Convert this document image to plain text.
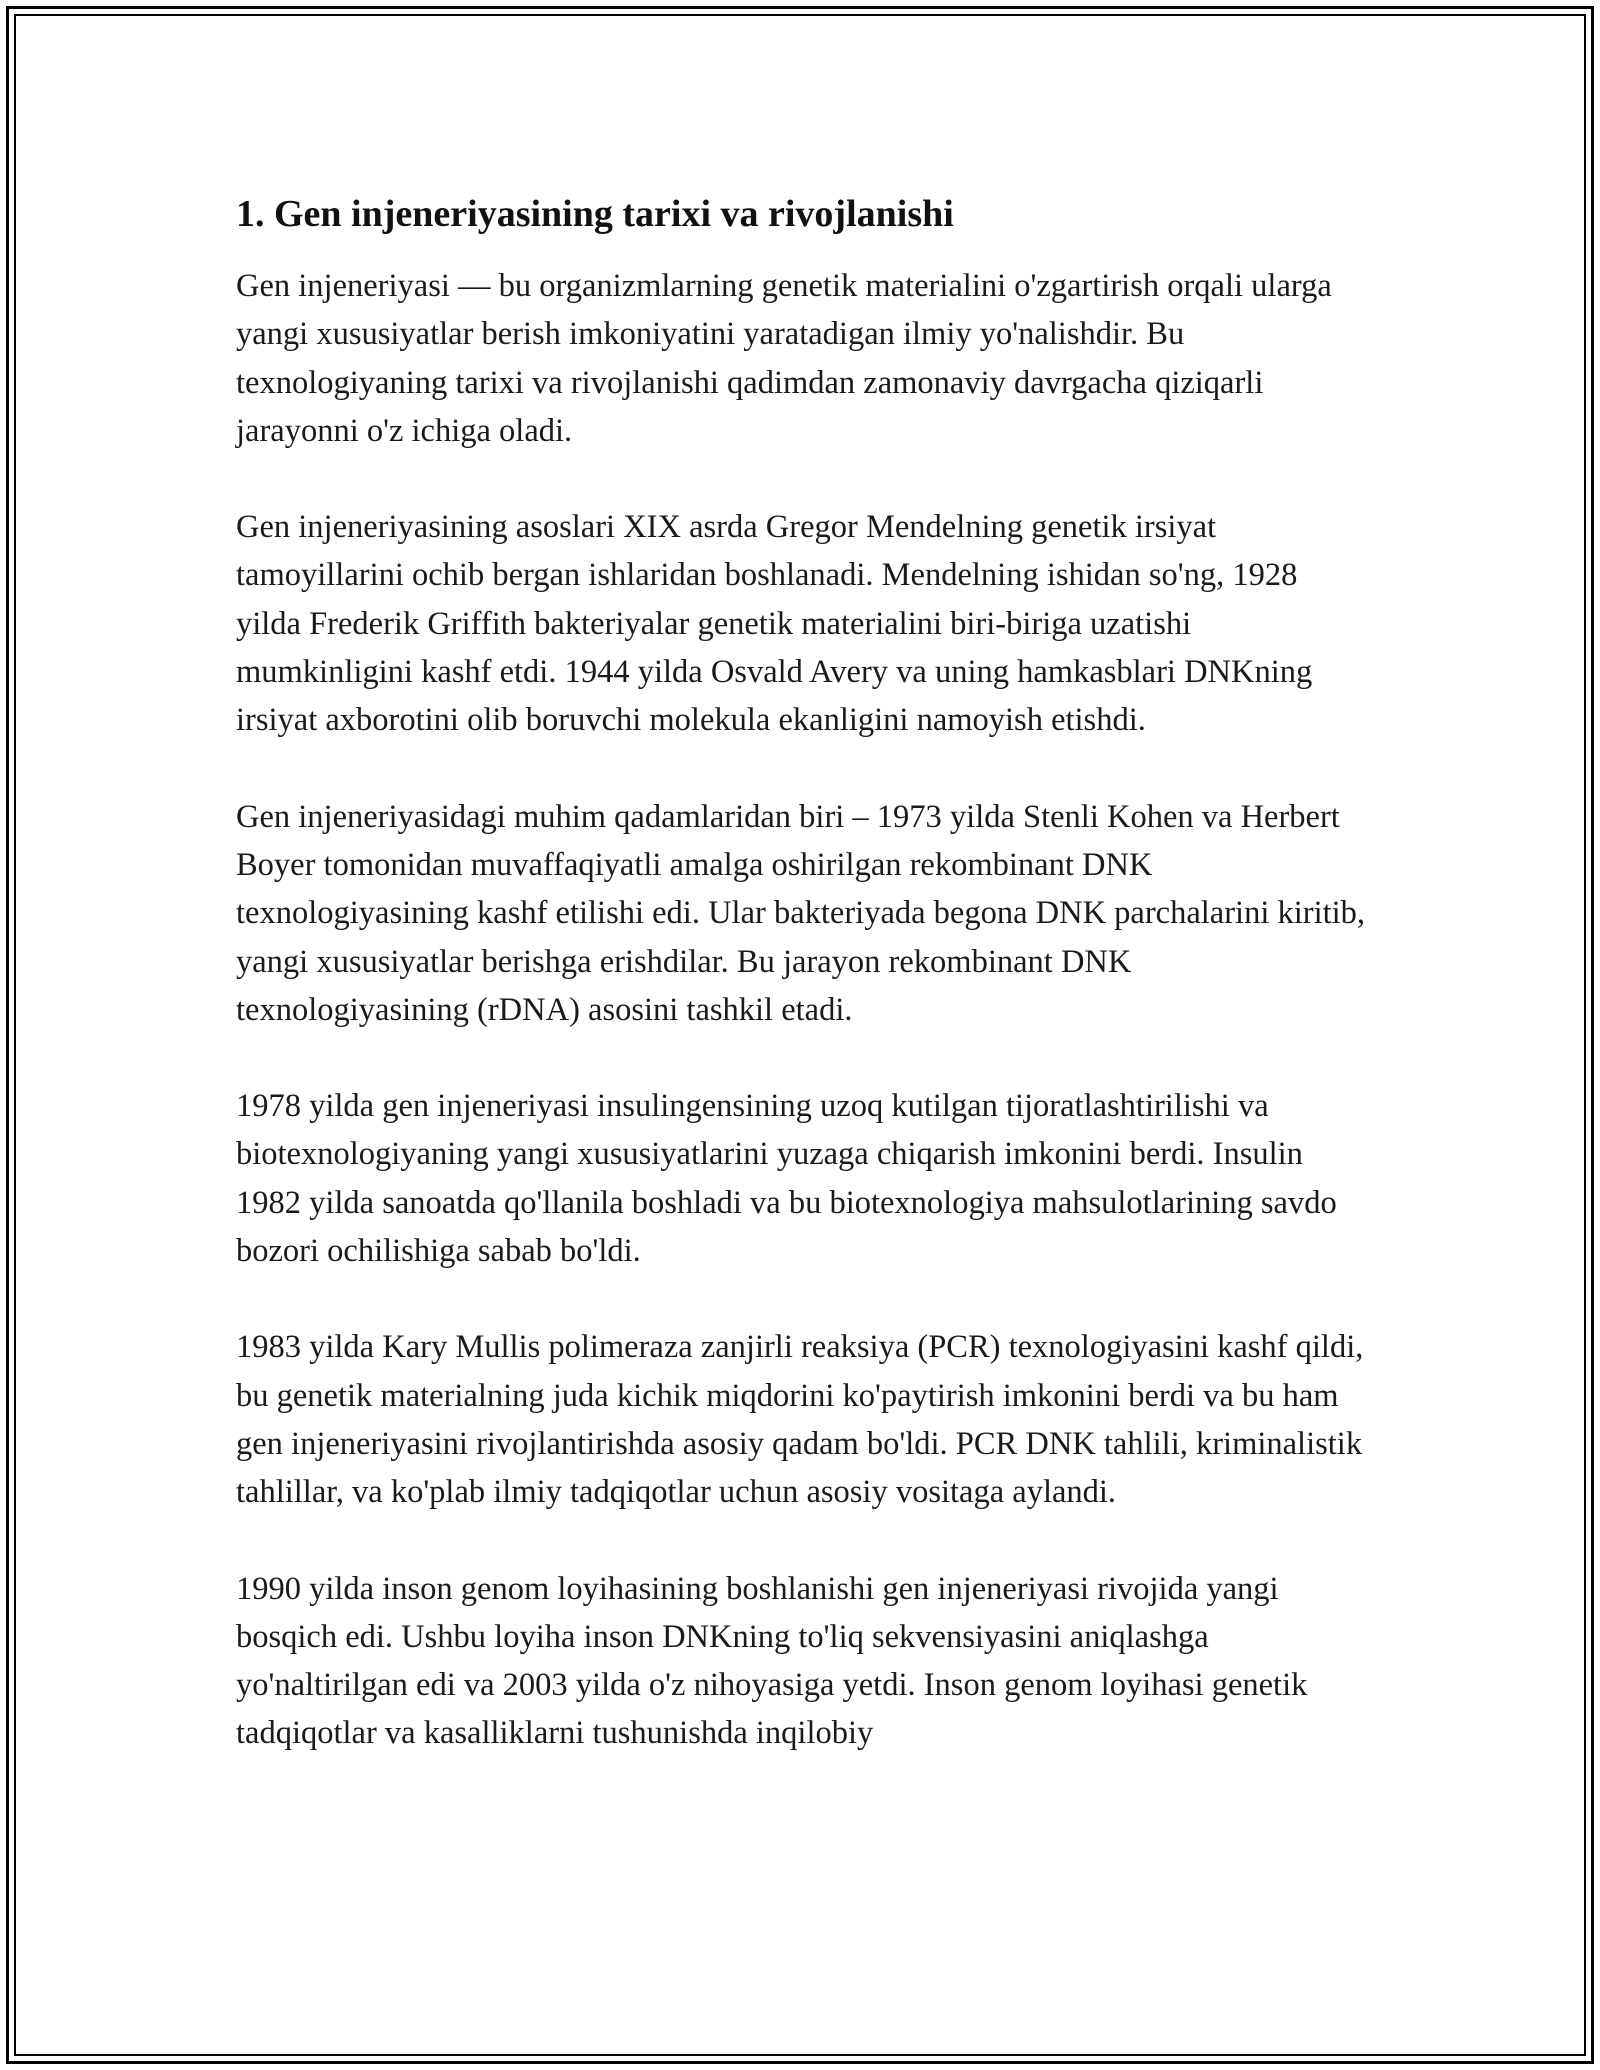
1. Gen injeneriyasining tarixi va rivojlanishi

Gen injeneriyasi — bu organizmlarning genetik materialini o'zgartirish orqali ularga yangi xususiyatlar berish imkoniyatini yaratadigan ilmiy yo'nalishdir. Bu texnologiyaning tarixi va rivojlanishi qadimdan zamonaviy davrgacha qiziqarli jarayonni o'z ichiga oladi.

Gen injeneriyasining asoslari XIX asrda Gregor Mendelning genetik irsiyat tamoyillarini ochib bergan ishlaridan boshlanadi. Mendelning ishidan so'ng, 1928 yilda Frederik Griffith bakteriyalar genetik materialini biri-biriga uzatishi mumkinligini kashf etdi. 1944 yilda Osvald Avery va uning hamkasblari DNKning irsiyat axborotini olib boruvchi molekula ekanligini namoyish etishdi.

Gen injeneriyasidagi muhim qadamlaridan biri – 1973 yilda Stenli Kohen va Herbert Boyer tomonidan muvaffaqiyatli amalga oshirilgan rekombinant DNK texnologiyasining kashf etilishi edi. Ular bakteriyada begona DNK parchalarini kiritib, yangi xususiyatlar berishga erishdilar. Bu jarayon rekombinant DNK texnologiyasining (rDNA) asosini tashkil etadi.

1978 yilda gen injeneriyasi insulingensining uzoq kutilgan tijoratlashtirilishi va biotexnologiyaning yangi xususiyatlarini yuzaga chiqarish imkonini berdi. Insulin 1982 yilda sanoatda qo'llanila boshladi va bu biotexnologiya mahsulotlarining savdo bozori ochilishiga sabab bo'ldi.

1983 yilda Kary Mullis polimeraza zanjirli reaksiya (PCR) texnologiyasini kashf qildi, bu genetik materialning juda kichik miqdorini ko'paytirish imkonini berdi va bu ham gen injeneriyasini rivojlantirishda asosiy qadam bo'ldi. PCR DNK tahlili, kriminalistik tahlillar, va ko'plab ilmiy tadqiqotlar uchun asosiy vositaga aylandi.

1990 yilda inson genom loyihasining boshlanishi gen injeneriyasi rivojida yangi bosqich edi. Ushbu loyiha inson DNKning to'liq sekvensiyasini aniqlashga yo'naltirilgan edi va 2003 yilda o'z nihoyasiga yetdi. Inson genom loyihasi genetik tadqiqotlar va kasalliklarni tushunishda inqilobiy
